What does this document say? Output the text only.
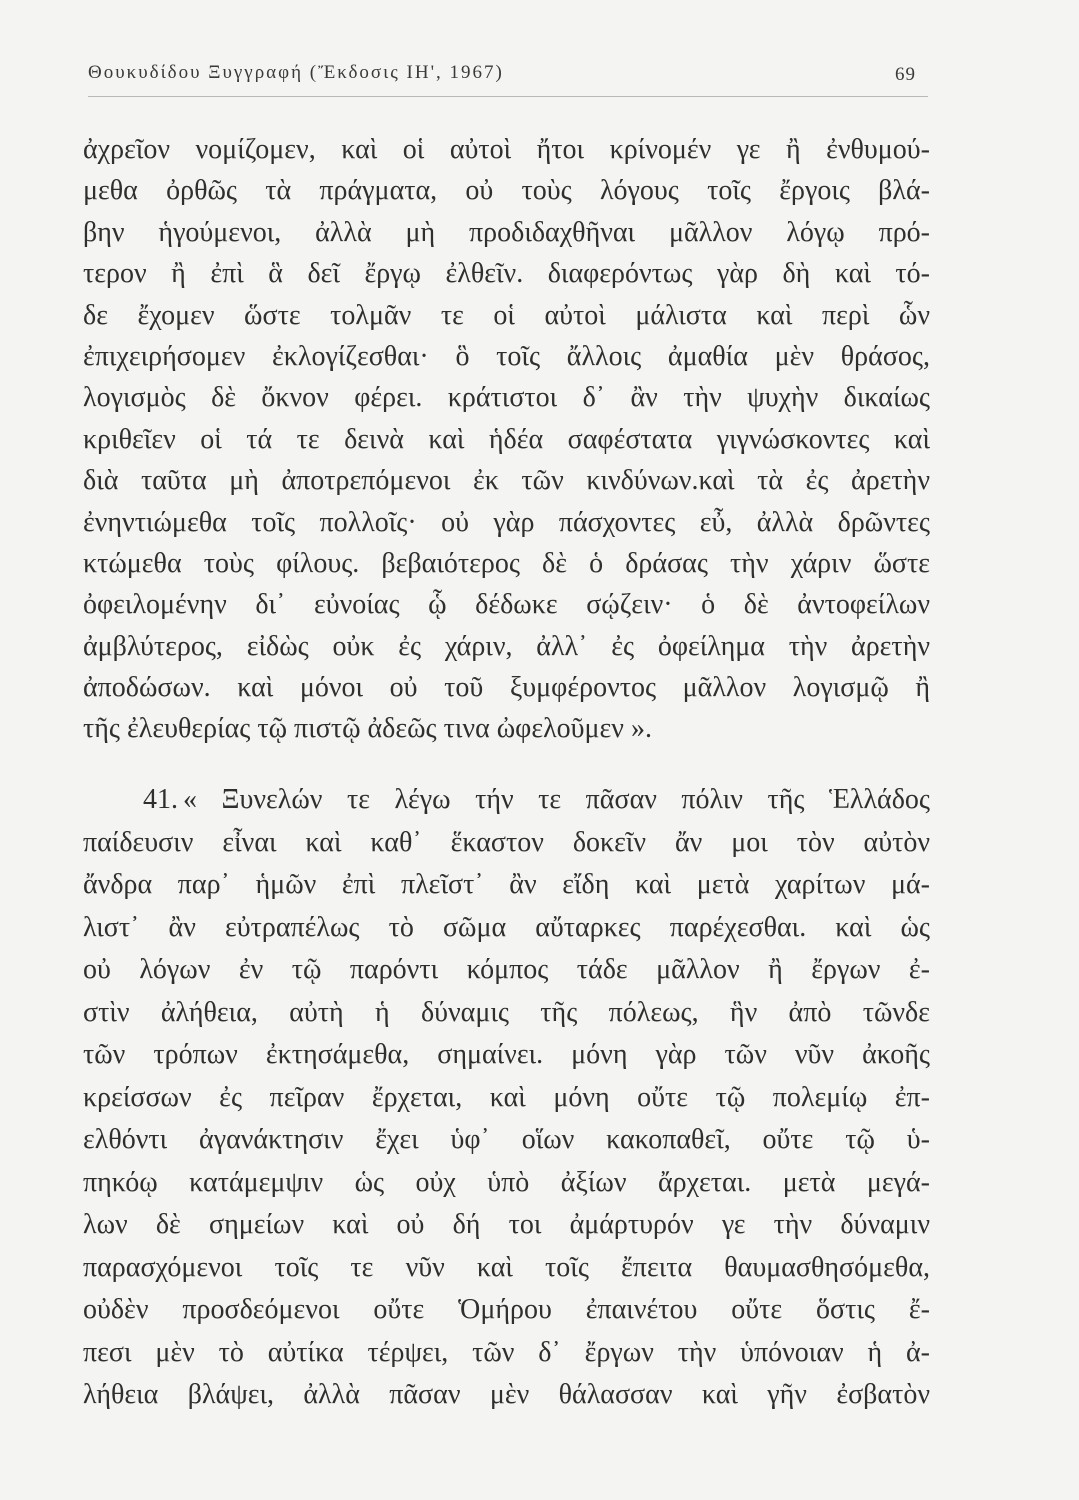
Θουκυδίδου Ξυγγραφή (Ἔκδοσις ΙΗ', 1967)	69
ἀχρεῖον νομίζομεν, καὶ οἱ αὐτοὶ ἤτοι κρίνομέν γε ἢ ἐνθυμού-
μεθα ὀρθῶς τὰ πράγματα, οὐ τοὺς λόγους τοῖς ἔργοις βλά-
βην ἡγούμενοι, ἀλλὰ μὴ προδιδαχθῆναι μᾶλλον λόγῳ πρό-
τερον ἢ ἐπὶ ἃ δεῖ ἔργῳ ἐλθεῖν. διαφερόντως γὰρ δὴ καὶ τό-
δε ἔχομεν ὥστε τολμᾶν τε οἱ αὐτοὶ μάλιστα καὶ περὶ ὧν
ἐπιχειρήσομεν ἐκλογίζεσθαι· ὃ τοῖς ἄλλοις ἀμαθία μὲν θράσος,
λογισμὸς δὲ ὄκνον φέρει. κράτιστοι δ᾽ ἂν τὴν ψυχὴν δικαίως
κριθεῖεν οἱ τά τε δεινὰ καὶ ἡδέα σαφέστατα γιγνώσκοντες καὶ
διὰ ταῦτα μὴ ἀποτρεπόμενοι ἐκ τῶν κινδύνων.καὶ τὰ ἐς ἀρετὴν
ἐνηντιώμεθα τοῖς πολλοῖς· οὐ γὰρ πάσχοντες εὖ, ἀλλὰ δρῶντες
κτώμεθα τοὺς φίλους. βεβαιότερος δὲ ὁ δράσας τὴν χάριν ὥστε
ὀφειλομένην δι᾽ εὐνοίας ᾧ δέδωκε σῴζειν· ὁ δὲ ἀντοφείλων
ἀμβλύτερος, εἰδὼς οὐκ ἐς χάριν, ἀλλ᾽ ἐς ὀφείλημα τὴν ἀρετὴν
ἀποδώσων. καὶ μόνοι οὐ τοῦ ξυμφέροντος μᾶλλον λογισμῷ ἢ
τῆς ἐλευθερίας τῷ πιστῷ ἀδεῶς τινα ὠφελοῦμεν ».
41. « Ξυνελών τε λέγω τήν τε πᾶσαν πόλιν τῆς Ἑλλάδος
παίδευσιν εἶναι καὶ καθ᾽ ἕκαστον δοκεῖν ἄν μοι τὸν αὐτὸν
ἄνδρα παρ᾽ ἡμῶν ἐπὶ πλεῖστ᾽ ἂν εἴδη καὶ μετὰ χαρίτων μά-
λιστ᾽ ἂν εὐτραπέλως τὸ σῶμα αὔταρκες παρέχεσθαι. καὶ ὡς
οὐ λόγων ἐν τῷ παρόντι κόμπος τάδε μᾶλλον ἢ ἔργων ἐ-
στὶν ἀλήθεια, αὐτὴ ἡ δύναμις τῆς πόλεως, ἣν ἀπὸ τῶνδε
τῶν τρόπων ἐκτησάμεθα, σημαίνει. μόνη γὰρ τῶν νῦν ἀκοῆς
κρείσσων ἐς πεῖραν ἔρχεται, καὶ μόνη οὔτε τῷ πολεμίῳ ἐπ-
ελθόντι ἀγανάκτησιν ἔχει ὑφ᾽ οἵων κακοπαθεῖ, οὔτε τῷ ὑ-
πηκόῳ κατάμεμψιν ὡς οὐχ ὑπὸ ἀξίων ἄρχεται. μετὰ μεγά-
λων δὲ σημείων καὶ οὐ δή τοι ἀμάρτυρόν γε τὴν δύναμιν
παρασχόμενοι τοῖς τε νῦν καὶ τοῖς ἔπειτα θαυμασθησόμεθα,
οὐδὲν προσδεόμενοι οὔτε Ὁμήρου ἐπαινέτου οὔτε ὅστις ἔ-
πεσι μὲν τὸ αὐτίκα τέρψει, τῶν δ᾽ ἔργων τὴν ὑπόνοιαν ἡ ἀ-
λήθεια βλάψει, ἀλλὰ πᾶσαν μὲν θάλασσαν καὶ γῆν ἐσβατὸν
